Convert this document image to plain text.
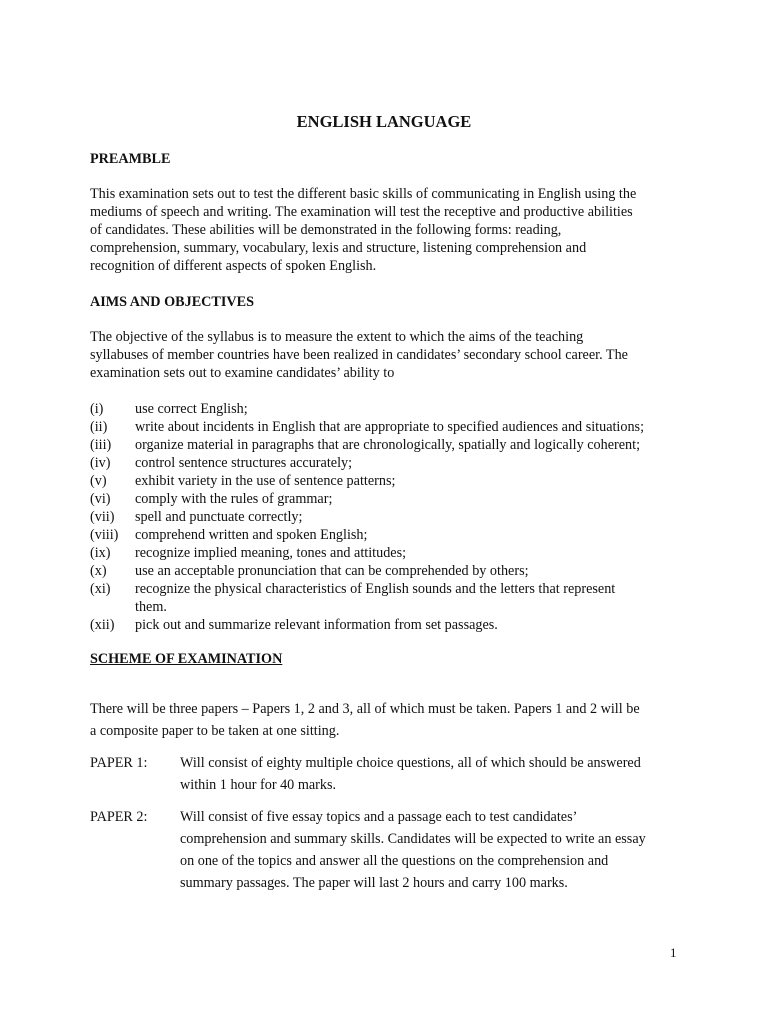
ENGLISH LANGUAGE
PREAMBLE
This examination sets out to test the different basic skills of communicating in English using the
mediums of speech and writing. The examination will test the receptive and productive abilities
of candidates. These abilities will be demonstrated in the following forms: reading,
comprehension, summary, vocabulary, lexis and structure, listening comprehension and
recognition of different aspects of spoken English.
AIMS AND OBJECTIVES
The objective of the syllabus is to measure the extent to which the aims of the teaching
syllabuses of member countries have been realized in candidates’ secondary school career. The
examination sets out to examine candidates’ ability to
(i)	use correct English;
(ii)	write about incidents in English that are appropriate to specified audiences and situations;
(iii)	organize material in paragraphs that are chronologically, spatially and logically coherent;
(iv)	control sentence structures accurately;
(v)	exhibit variety in the use of sentence patterns;
(vi)	comply with the rules of grammar;
(vii)	spell and punctuate correctly;
(viii)	comprehend written and spoken English;
(ix)	recognize implied meaning, tones and attitudes;
(x)	use an acceptable pronunciation that can be comprehended by others;
(xi)	recognize the physical characteristics of English sounds and the letters that represent
them.
(xii)	pick out and summarize relevant information from set passages.
SCHEME OF EXAMINATION
There will be three papers – Papers 1, 2 and 3, all of which must be taken. Papers 1 and 2 will be
a composite paper to be taken at one sitting.
PAPER 1: Will consist of eighty multiple choice questions, all of which should be answered
within 1 hour for 40 marks.
PAPER 2: Will consist of five essay topics and a passage each to test candidates’
comprehension and summary skills. Candidates will be expected to write an essay
on one of the topics and answer all the questions on the comprehension and
summary passages. The paper will last 2 hours and carry 100 marks.
1
